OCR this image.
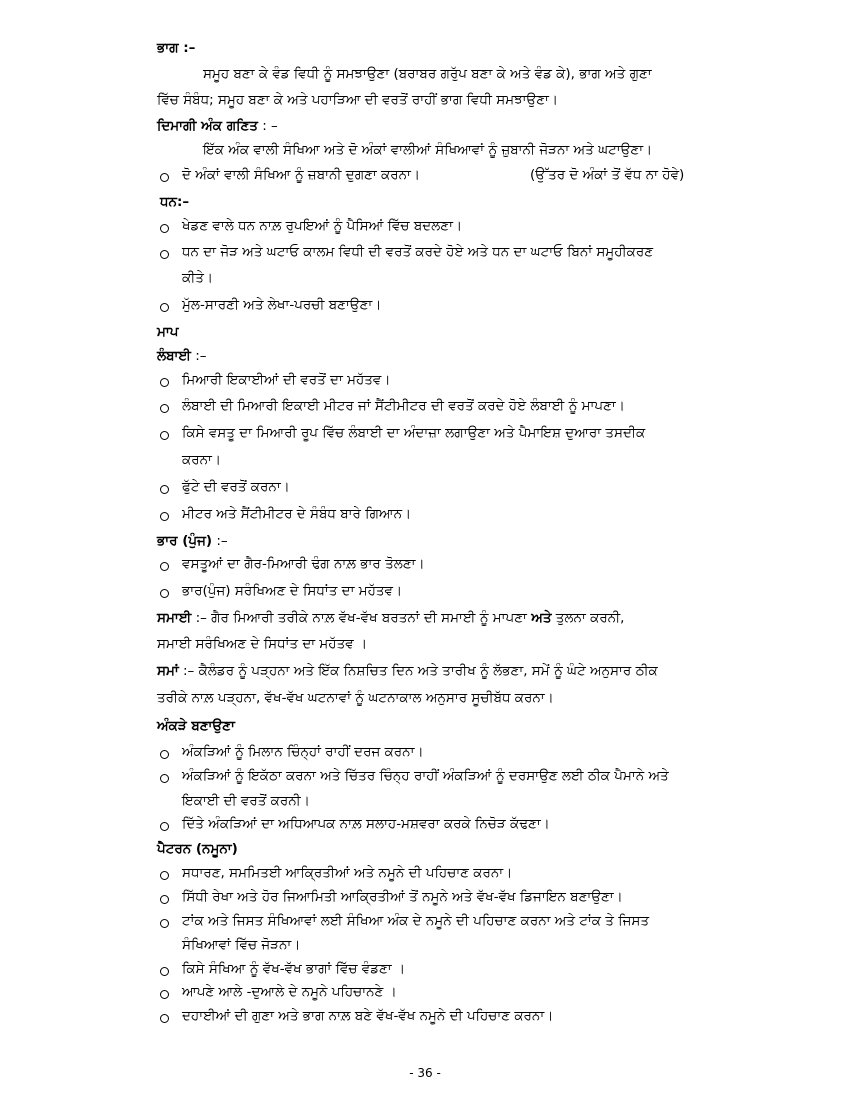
ਭਾਗ :–
ਸਮੂਹ ਬਣਾ ਕੇ ਵੰਡ ਵਿਧੀ ਨੂੰ ਸਮਝਾਉਣਾ (ਬਰਾਬਰ ਗਰੁੱਪ ਬਣਾ ਕੇ ਅਤੇ ਵੰਡ ਕੇ), ਭਾਗ ਅਤੇ ਗੁਣਾ
ਵਿੱਚ ਸੰਬੰਧ; ਸਮੂਹ ਬਣਾ ਕੇ ਅਤੇ ਪਹਾੜਿਆ ਦੀ ਵਰਤੋਂ ਰਾਹੀਂ ਭਾਗ ਵਿਧੀ ਸਮਝਾਉਣਾ।
ਦਿਮਾਗੀ ਅੰਕ ਗਣਿਤ : –
ਇੱਕ ਅੰਕ ਵਾਲੀ ਸੰਖਿਆ ਅਤੇ ਦੋ ਅੰਕਾਂ ਵਾਲੀਆਂ ਸੰਖਿਆਵਾਂ ਨੂੰ ਜ਼ੁਬਾਨੀ ਜੋੜਨਾ ਅਤੇ ਘਟਾਉਣਾ।
ਦੋ ਅੰਕਾਂ ਵਾਲੀ ਸੰਖਿਆ ਨੂੰ ਜ਼ਬਾਨੀ ਦੁਗਣਾ ਕਰਨਾ।	(ਉੱਤਰ ਦੋ ਅੰਕਾਂ ਤੋਂ ਵੱਧ ਨਾ ਹੋਵੇ)
ਧਨ:–
ਖੇਡਣ ਵਾਲੇ ਧਨ ਨਾਲ਼ ਰੁਪਇਆਂ ਨੂੰ ਪੈਸਿਆਂ ਵਿੱਚ ਬਦਲਣਾ।
ਧਨ ਦਾ ਜੋੜ ਅਤੇ ਘਟਾਓ ਕਾਲਮ ਵਿਧੀ ਦੀ ਵਰਤੋਂ ਕਰਦੇ ਹੋਏ ਅਤੇ ਧਨ ਦਾ ਘਟਾਓ ਬਿਨਾਂ ਸਮੂਹੀਕਰਣ
ਕੀਤੇ।
ਮੁੱਲ-ਸਾਰਣੀ ਅਤੇ ਲੇਖਾ-ਪਰਚੀ ਬਣਾਉਣਾ।
ਮਾਪ
ਲੰਬਾਈ :–
ਮਿਆਰੀ ਇਕਾਈਆਂ ਦੀ ਵਰਤੋਂ ਦਾ ਮਹੱਤਵ।
ਲੰਬਾਈ ਦੀ ਮਿਆਰੀ ਇਕਾਈ ਮੀਟਰ ਜਾਂ ਸੈਂਟੀਮੀਟਰ ਦੀ ਵਰਤੋਂ ਕਰਦੇ ਹੋਏ ਲੰਬਾਈ ਨੂੰ ਮਾਪਣਾ।
ਕਿਸੇ ਵਸਤੂ ਦਾ ਮਿਆਰੀ ਰੂਪ ਵਿੱਚ ਲੰਬਾਈ ਦਾ ਅੰਦਾਜ਼ਾ ਲਗਾਉਣਾ ਅਤੇ ਪੈਮਾਇਸ਼ ਦੁਆਰਾ ਤਸਦੀਕ
ਕਰਨਾ।
ਫੁੱਟੇ ਦੀ ਵਰਤੋਂ ਕਰਨਾ।
ਮੀਟਰ ਅਤੇ ਸੈਂਟੀਮੀਟਰ ਦੇ ਸੰਬੰਧ ਬਾਰੇ ਗਿਆਨ।
ਭਾਰ (ਪੁੰਜ) :–
ਵਸਤੂਆਂ ਦਾ ਗੈਰ-ਮਿਆਰੀ ਢੰਗ ਨਾਲ਼ ਭਾਰ ਤੋਲਣਾ।
ਭਾਰ(ਪੁੰਜ) ਸਰੰਖਿਅਣ ਦੇ ਸਿਧਾਂਤ ਦਾ ਮਹੱਤਵ।
ਸਮਾਈ :– ਗੈਰ ਮਿਆਰੀ ਤਰੀਕੇ ਨਾਲ਼ ਵੱਖ-ਵੱਖ ਬਰਤਨਾਂ ਦੀ ਸਮਾਈ ਨੂੰ ਮਾਪਣਾ ਅਤੇ ਤੁਲਨਾ ਕਰਨੀ,
ਸਮਾਈ ਸਰੰਖਿਅਣ ਦੇ ਸਿਧਾਂਤ ਦਾ ਮਹੱਤਵ ।
ਸਮਾਂ :– ਕੈਲੰਡਰ ਨੂੰ ਪੜ੍ਹਨਾ ਅਤੇ ਇੱਕ ਨਿਸ਼ਚਿਤ ਦਿਨ ਅਤੇ ਤਾਰੀਖ ਨੂੰ ਲੱਭਣਾ, ਸਮੇਂ ਨੂੰ ਘੰਟੇ ਅਨੁਸਾਰ ਠੀਕ
ਤਰੀਕੇ ਨਾਲ਼ ਪੜ੍ਹਨਾ, ਵੱਖ-ਵੱਖ ਘਟਨਾਵਾਂ ਨੂੰ ਘਟਨਾਕਾਲ ਅਨੁਸਾਰ ਸੂਚੀਬੱਧ ਕਰਨਾ।
ਅੰਕੜੇ ਬਣਾਉਣਾ
ਅੰਕੜਿਆਂ ਨੂੰ ਮਿਲਾਨ ਚਿੰਨ੍ਹਾਂ ਰਾਹੀਂ ਦਰਜ ਕਰਨਾ।
ਅੰਕੜਿਆਂ ਨੂੰ ਇਕੱਠਾ ਕਰਨਾ ਅਤੇ ਚਿੱਤਰ ਚਿੰਨ੍ਹ ਰਾਹੀਂ ਅੰਕੜਿਆਂ ਨੂੰ ਦਰਸਾਉਣ ਲਈ ਠੀਕ ਪੈਮਾਨੇ ਅਤੇ
ਇਕਾਈ ਦੀ ਵਰਤੋਂ ਕਰਨੀ।
ਦਿੱਤੇ ਅੰਕੜਿਆਂ ਦਾ ਅਧਿਆਪਕ ਨਾਲ਼ ਸਲਾਹ-ਮਸ਼ਵਰਾ ਕਰਕੇ ਨਿਚੋੜ ਕੱਢਣਾ।
ਪੈਟਰਨ (ਨਮੂਨਾ)
ਸਧਾਰਣ, ਸਮਮਿਤਈ ਆਕ੍ਰਿਤੀਆਂ ਅਤੇ ਨਮੂਨੇ ਦੀ ਪਹਿਚਾਣ ਕਰਨਾ।
ਸਿੱਧੀ ਰੇਖਾ ਅਤੇ ਹੋਰ ਜਿਆਮਿਤੀ ਆਕ੍ਰਿਤੀਆਂ ਤੋਂ ਨਮੂਨੇ ਅਤੇ ਵੱਖ-ਵੱਖ ਡਿਜਾਇਨ ਬਣਾਉਣਾ।
ਟਾਂਕ ਅਤੇ ਜਿਸਤ ਸੰਖਿਆਵਾਂ ਲਈ ਸੰਖਿਆ ਅੰਕ ਦੇ ਨਮੂਨੇ ਦੀ ਪਹਿਚਾਣ ਕਰਨਾ ਅਤੇ ਟਾਂਕ ਤੇ ਜਿਸਤ
ਸੰਖਿਆਵਾਂ ਵਿੱਚ ਜੋੜਨਾ।
ਕਿਸੇ ਸੰਖਿਆ ਨੂੰ ਵੱਖ-ਵੱਖ ਭਾਗਾਂ ਵਿੱਚ ਵੰਡਣਾ ।
ਆਪਣੇ ਆਲੇ -ਦੁਆਲੇ ਦੇ ਨਮੂਨੇ ਪਹਿਚਾਨਣੇ ।
ਦਹਾਈਆਂ ਦੀ ਗੁਣਾ ਅਤੇ ਭਾਗ ਨਾਲ਼ ਬਣੇ ਵੱਖ-ਵੱਖ ਨਮੂਨੇ ਦੀ ਪਹਿਚਾਣ ਕਰਨਾ।
- 36 -
